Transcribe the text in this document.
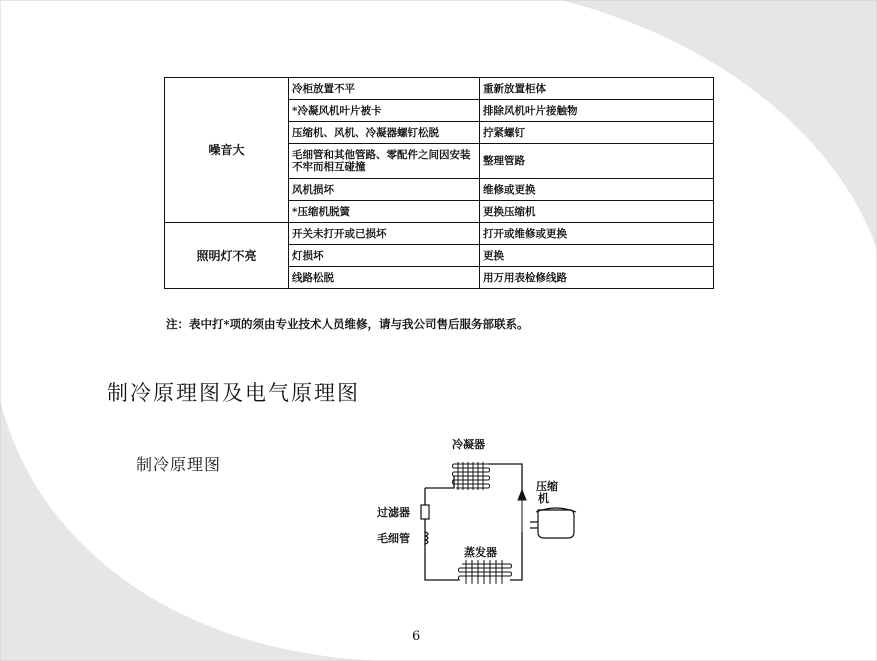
噪音大	冷柜放置不平	重新放置柜体
	*冷凝风机叶片被卡	排除风机叶片接触物
	压缩机、风机、冷凝器螺钉松脱	拧紧螺钉
	毛细管和其他管路、零配件之间因安装不牢而相互碰撞	整理管路
	风机损坏	维修或更换
	*压缩机脱簧	更换压缩机
照明灯不亮	开关未打开或已损坏	打开或维修或更换
	灯损坏	更换
	线路松脱	用万用表检修线路
注：表中打*项的须由专业技术人员维修，请与我公司售后服务部联系。
制冷原理图及电气原理图
制冷原理图
冷凝器
压缩
机
过滤器
毛细管
蒸发器
6
